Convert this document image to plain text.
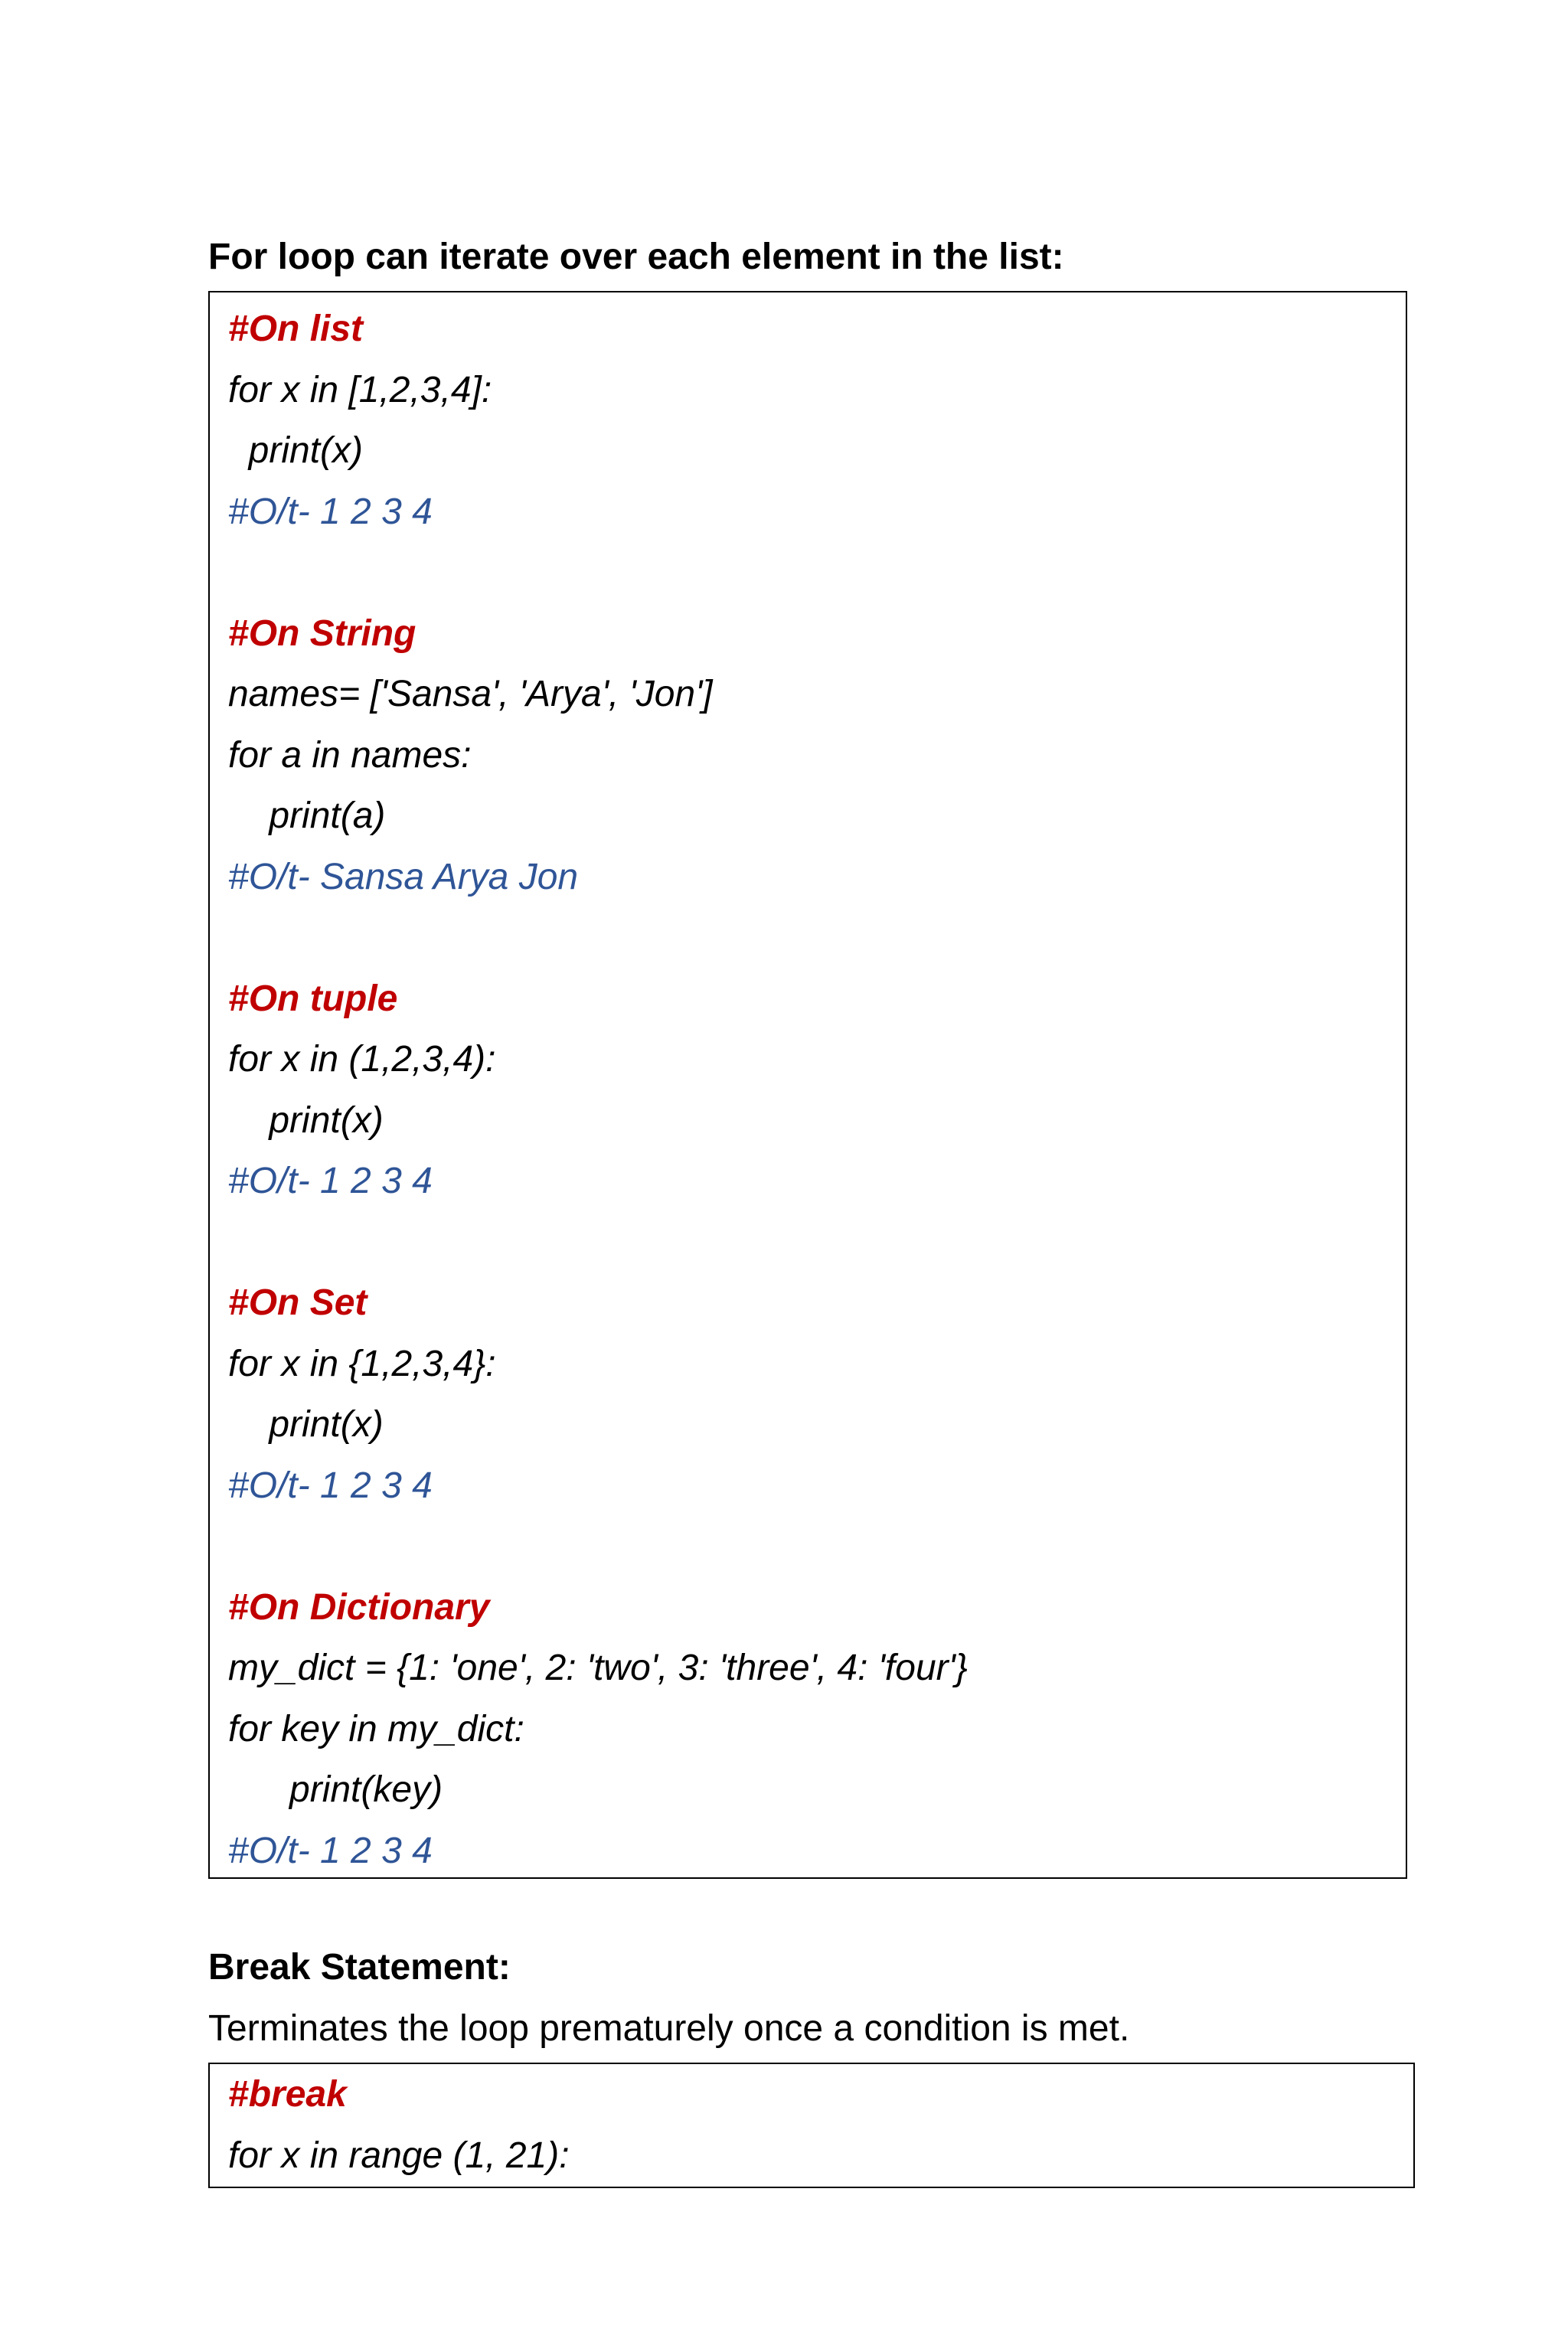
For loop can iterate over each element in the list:
#On list
for x in [1,2,3,4]:
print(x)
#O/t- 1 2 3 4
#On String
names= ['Sansa', 'Arya', 'Jon']
for a in names:
print(a)
#O/t- Sansa Arya Jon
#On tuple
for x in (1,2,3,4):
print(x)
#O/t- 1 2 3 4
#On Set
for x in {1,2,3,4}:
print(x)
#O/t- 1 2 3 4
#On Dictionary
my_dict = {1: 'one', 2: 'two', 3: 'three', 4: 'four'}
for key in my_dict:
print(key)
#O/t- 1 2 3 4
Break Statement:
Terminates the loop prematurely once a condition is met.
#break
for x in range (1, 21):
